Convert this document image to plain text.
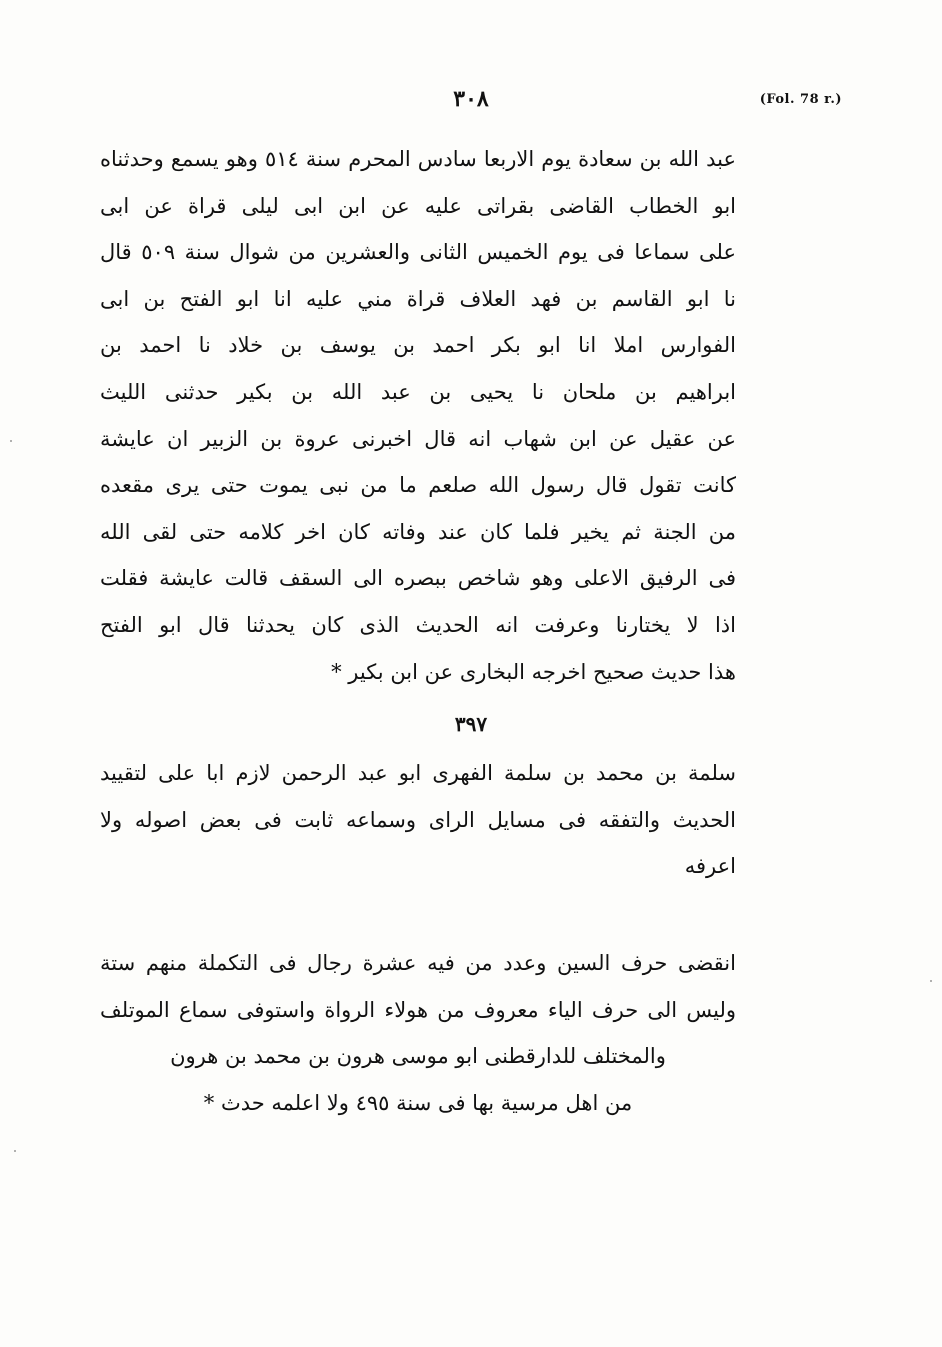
٣٠٨	(Fol. 78 r.)
عبد الله بن سعادة يوم الاربعا سادس المحرم سنة ٥١٤ وهو يسمع وحدثناه
ابو الخطاب القاضى بقراتى عليه عن ابن ابى ليلى قراة عن ابى
على سماعا فى يوم الخميس الثانى والعشرين من شوال سنة ٥٠٩ قال
نا ابو القاسم بن فهد العلاف قراة مني عليه انا ابو الفتح بن ابى
الفوارس املا انا ابو بكر احمد بن يوسف بن خلاد نا احمد بن
ابراهيم بن ملحان نا يحيى بن عبد الله بن بكير حدثنى الليث
عن عقيل عن ابن شهاب انه قال اخبرنى عروة بن الزبير ان عايشة
كانت تقول قال رسول الله صلعم ما من نبى يموت حتى يرى مقعده
من الجنة ثم يخير فلما كان عند وفاته كان اخر كلامه حتى لقى الله
فى الرفيق الاعلى وهو شاخص ببصره الى السقف قالت عايشة فقلت
اذا لا يختارنا وعرفت انه الحديث الذى كان يحدثنا قال ابو الفتح
هذا حديث صحيح اخرجه البخارى عن ابن بكير *
٣٩٧
سلمة بن محمد بن سلمة الفهرى ابو عبد الرحمن لازم ابا على لتقييد
الحديث والتفقه فى مسايل الراى وسماعه ثابت فى بعض اصوله ولا
اعرفه
انقضى حرف السين وعدد من فيه عشرة رجال فى التكملة منهم ستة
وليس الى حرف الياء معروف من هولاء الرواة واستوفى سماع الموتلف
والمختلف للدارقطنى ابو موسى هرون بن محمد بن هرون
من اهل مرسية بها فى سنة ٤٩٥ ولا اعلمه حدث *
